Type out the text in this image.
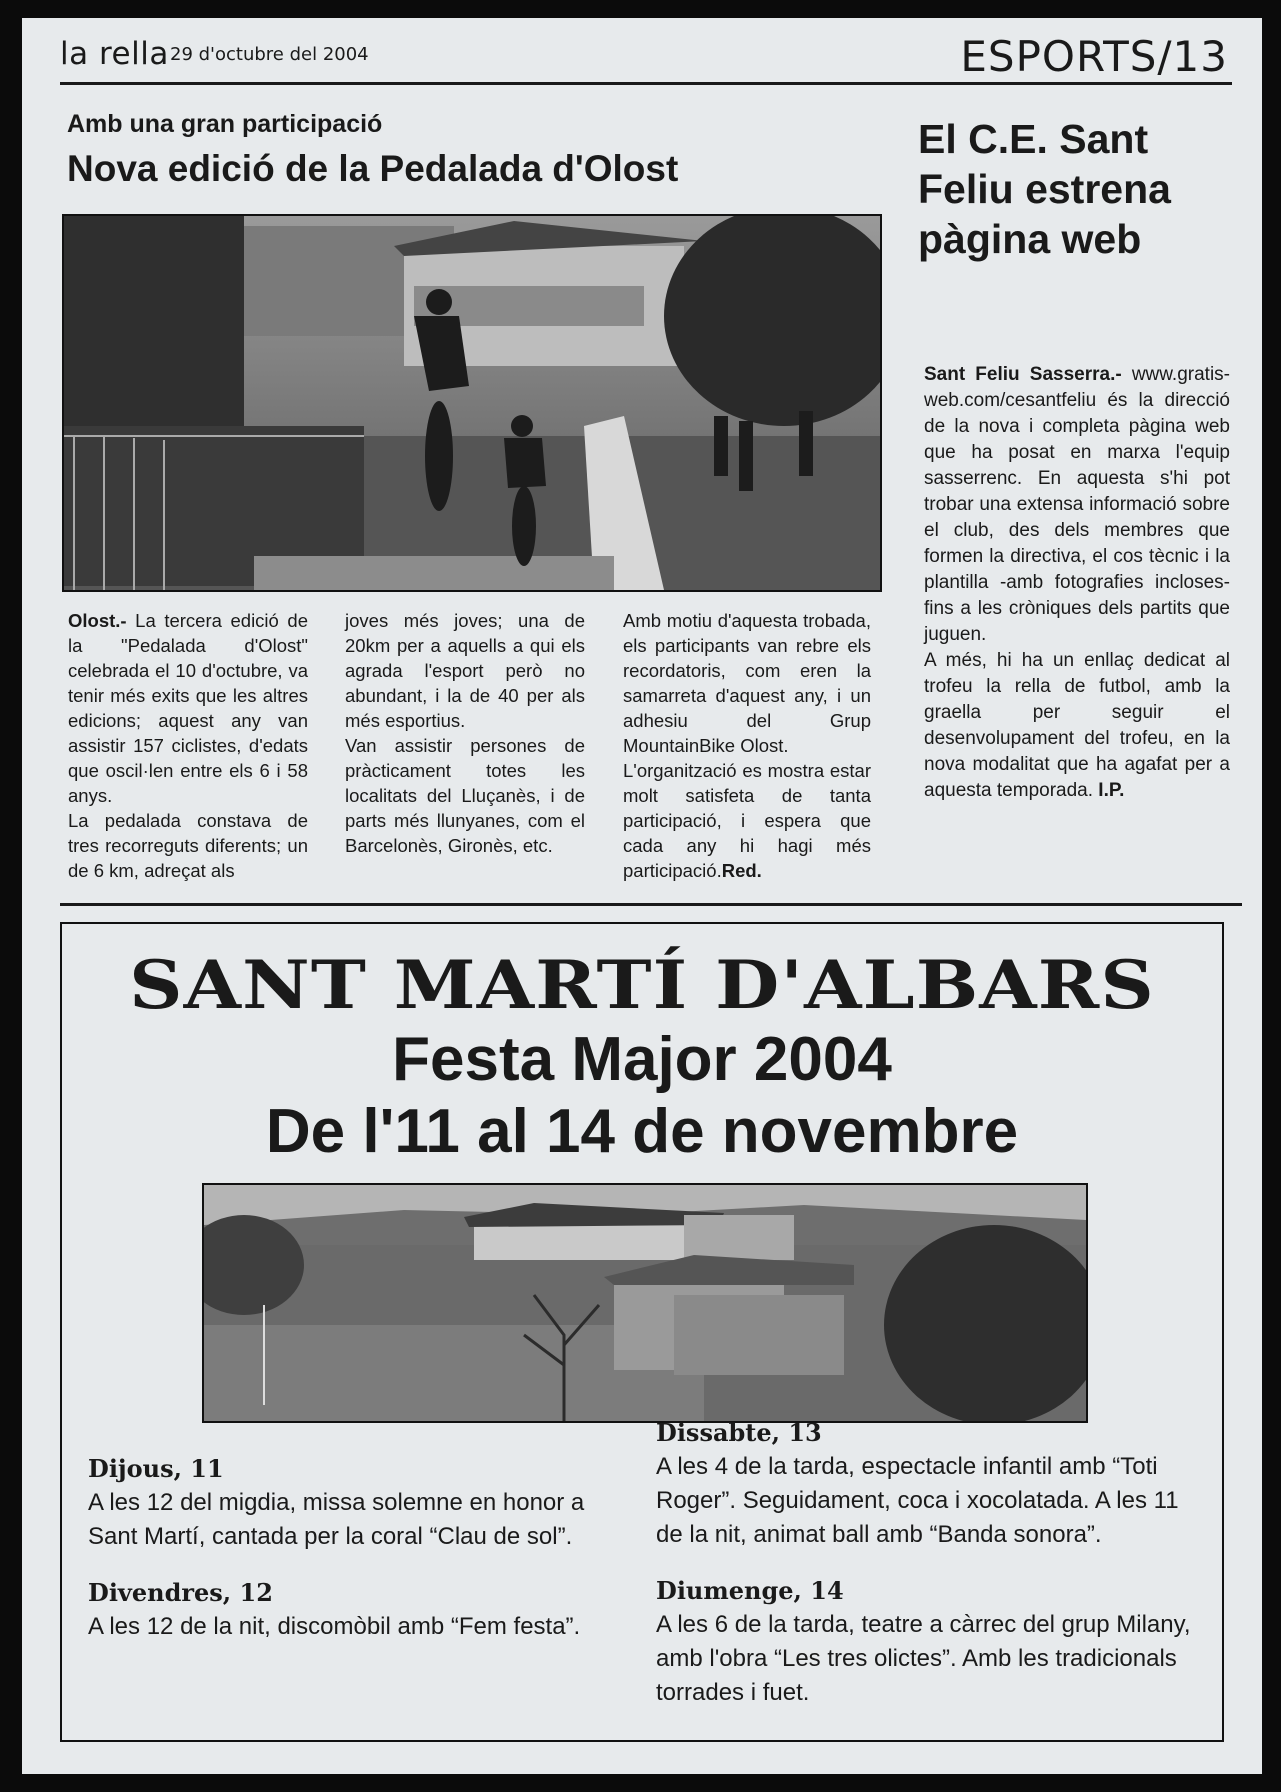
la rella 29 d'octubre del 2004	ESPORTS/13
Amb una gran participació
Nova edició de la Pedalada d'Olost

Olost.- La tercera edició de la "Pedalada d'Olost" celebrada el 10 d'octubre, va tenir més exits que les altres edicions; aquest any van assistir 157 ciclistes, d'edats que oscil·len entre els 6 i 58 anys.

La pedalada constava de tres recorreguts diferents; un de 6 km, adreçat als

joves més joves; una de 20km per a aquells a qui els agrada l'esport però no abundant, i la de 40 per als més esportius.

Van assistir persones de pràcticament totes les localitats del Lluçanès, i de parts més llunyanes, com el Barcelonès, Gironès, etc.

Amb motiu d'aquesta trobada, els participants van rebre els recordatoris, com eren la samarreta d'aquest any, i un adhesiu del Grup MountainBike Olost.

L'organització es mostra estar molt satisfeta de tanta participació, i espera que cada any hi hagi més participació.Red.

El C.E. Sant Feliu estrena pàgina web

Sant Feliu Sasserra.- www.gratis-web.com/cesantfeliu és la direcció de la nova i completa pàgina web que ha posat en marxa l'equip sasserrenc. En aquesta s'hi pot trobar una extensa informació sobre el club, des dels membres que formen la directiva, el cos tècnic i la plantilla -amb fotografies incloses- fins a les cròniques dels partits que juguen.

A més, hi ha un enllaç dedicat al trofeu la rella de futbol, amb la graella per seguir el desenvolupament del trofeu, en la nova modalitat que ha agafat per a aquesta temporada. I.P.

SANT MARTÍ D'ALBARS
Festa Major 2004
De l'11 al 14 de novembre
Dijous, 11
A les 12 del migdia, missa solemne en honor a Sant Martí, cantada per la coral “Clau de sol”.
Divendres, 12
A les 12 de la nit, discomòbil amb “Fem festa”.
Dissabte, 13
A les 4 de la tarda, espectacle infantil amb “Toti Roger”. Seguidament, coca i xocolatada. A les 11 de la nit, animat ball amb “Banda sonora”.
Diumenge, 14
A les 6 de la tarda, teatre a càrrec del grup Milany, amb l'obra “Les tres olictes”. Amb les tradicionals torrades i fuet.
